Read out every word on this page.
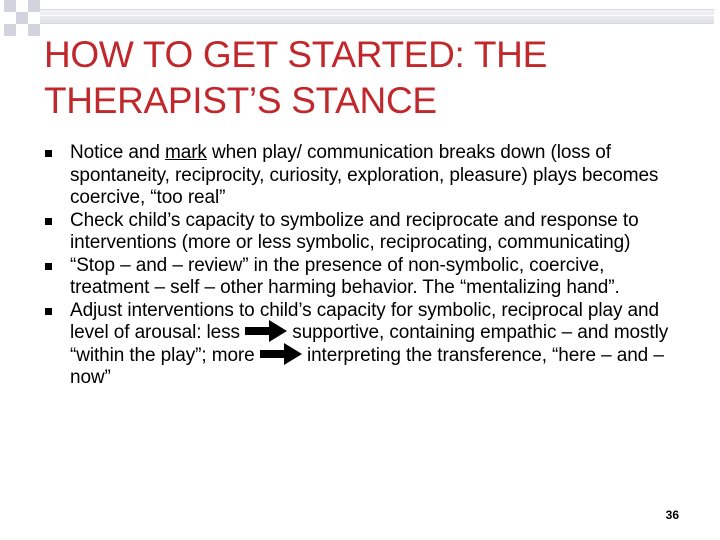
HOW TO GET STARTED: THE
THERAPIST’S STANCE
Notice and mark when play/ communication breaks down (loss of spontaneity, reciprocity, curiosity, exploration, pleasure) plays becomes coercive, “too real”
Check child’s capacity to symbolize and reciprocate and response to interventions (more or less symbolic, reciprocating, communicating)
“Stop – and – review” in the presence of non-symbolic, coercive, treatment – self – other harming behavior. The “mentalizing hand”.
Adjust interventions to child’s capacity for symbolic, reciprocal play and level of arousal: less
supportive, containing empathic – and mostly “within the play”; more
interpreting the transference, “here – and – now”
36
